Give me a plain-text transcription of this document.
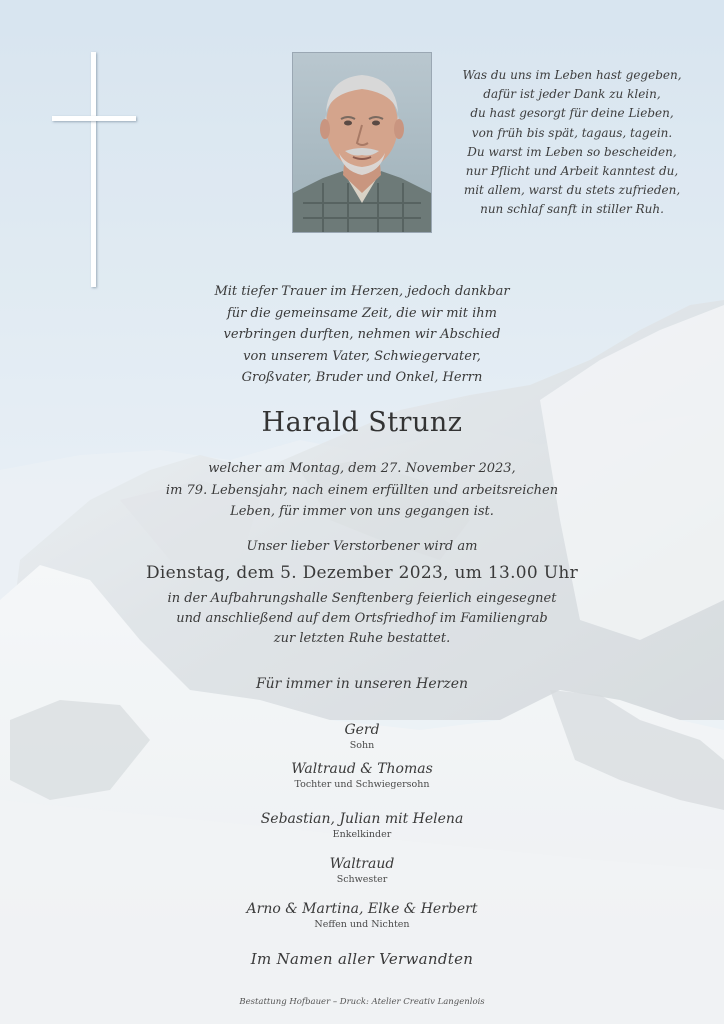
Was du uns im Leben hast gegeben,
dafür ist jeder Dank zu klein,
du hast gesorgt für deine Lieben,
von früh bis spät, tagaus, tagein.
Du warst im Leben so bescheiden,
nur Pflicht und Arbeit kanntest du,
mit allem, warst du stets zufrieden,
nun schlaf sanft in stiller Ruh.
Mit tiefer Trauer im Herzen, jedoch dankbar
für die gemeinsame Zeit, die wir mit ihm
verbringen durften, nehmen wir Abschied
von unserem Vater, Schwiegervater,
Großvater, Bruder und Onkel, Herrn
Harald Strunz
welcher am Montag, dem 27. November 2023,
im 79. Lebensjahr, nach einem erfüllten und arbeitsreichen
Leben, für immer von uns gegangen ist.
Unser lieber Verstorbener wird am
Dienstag, dem 5. Dezember 2023, um 13.00 Uhr
in der Aufbahrungshalle Senftenberg feierlich eingesegnet
und anschließend auf dem Ortsfriedhof im Familiengrab
zur letzten Ruhe bestattet.
Für immer in unseren Herzen
Gerd
Sohn
Waltraud & Thomas
Tochter und Schwiegersohn
Sebastian, Julian mit Helena
Enkelkinder
Waltraud
Schwester
Arno & Martina, Elke & Herbert
Neffen und Nichten
Im Namen aller Verwandten
Bestattung Hofbauer – Druck: Atelier Creativ Langenlois
